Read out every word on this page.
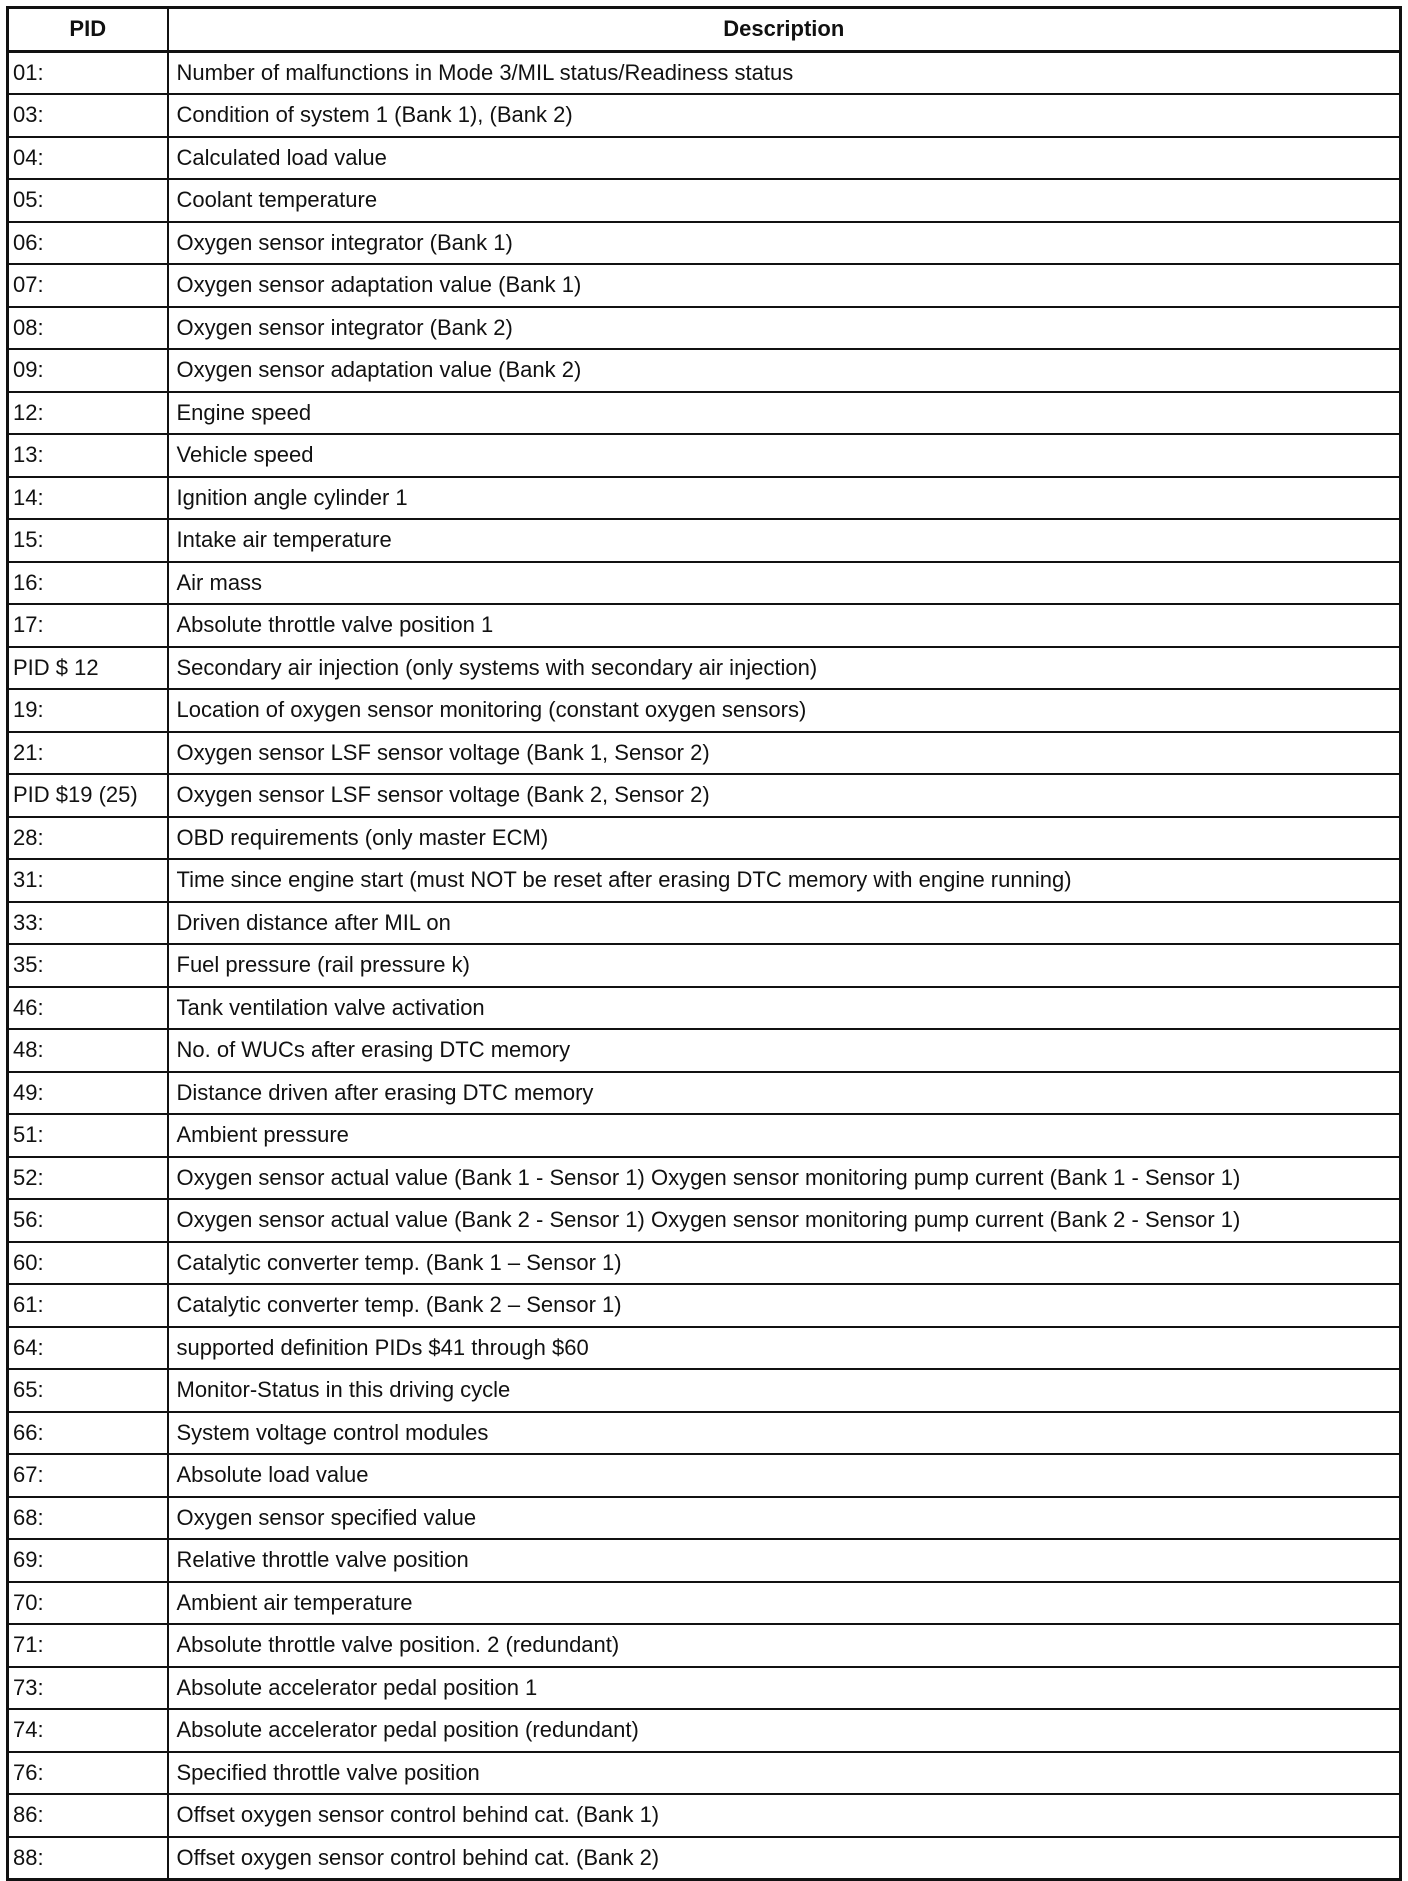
PID	Description
01:	Number of malfunctions in Mode 3/MIL status/Readiness status
03:	Condition of system 1 (Bank 1), (Bank 2)
04:	Calculated load value
05:	Coolant temperature
06:	Oxygen sensor integrator (Bank 1)
07:	Oxygen sensor adaptation value (Bank 1)
08:	Oxygen sensor integrator (Bank 2)
09:	Oxygen sensor adaptation value (Bank 2)
12:	Engine speed
13:	Vehicle speed
14:	Ignition angle cylinder 1
15:	Intake air temperature
16:	Air mass
17:	Absolute throttle valve position 1
PID $ 12	Secondary air injection (only systems with secondary air injection)
19:	Location of oxygen sensor monitoring (constant oxygen sensors)
21:	Oxygen sensor LSF sensor voltage (Bank 1, Sensor 2)
PID $19 (25)	Oxygen sensor LSF sensor voltage (Bank 2, Sensor 2)
28:	OBD requirements (only master ECM)
31:	Time since engine start (must NOT be reset after erasing DTC memory with engine running)
33:	Driven distance after MIL on
35:	Fuel pressure (rail pressure k)
46:	Tank ventilation valve activation
48:	No. of WUCs after erasing DTC memory
49:	Distance driven after erasing DTC memory
51:	Ambient pressure
52:	Oxygen sensor actual value (Bank 1 - Sensor 1) Oxygen sensor monitoring pump current (Bank 1 - Sensor 1)
56:	Oxygen sensor actual value (Bank 2 - Sensor 1) Oxygen sensor monitoring pump current (Bank 2 - Sensor 1)
60:	Catalytic converter temp. (Bank 1 – Sensor 1)
61:	Catalytic converter temp. (Bank 2 – Sensor 1)
64:	supported definition PIDs $41 through $60
65:	Monitor-Status in this driving cycle
66:	System voltage control modules
67:	Absolute load value
68:	Oxygen sensor specified value
69:	Relative throttle valve position
70:	Ambient air temperature
71:	Absolute throttle valve position. 2 (redundant)
73:	Absolute accelerator pedal position 1
74:	Absolute accelerator pedal position (redundant)
76:	Specified throttle valve position
86:	Offset oxygen sensor control behind cat. (Bank 1)
88:	Offset oxygen sensor control behind cat. (Bank 2)
